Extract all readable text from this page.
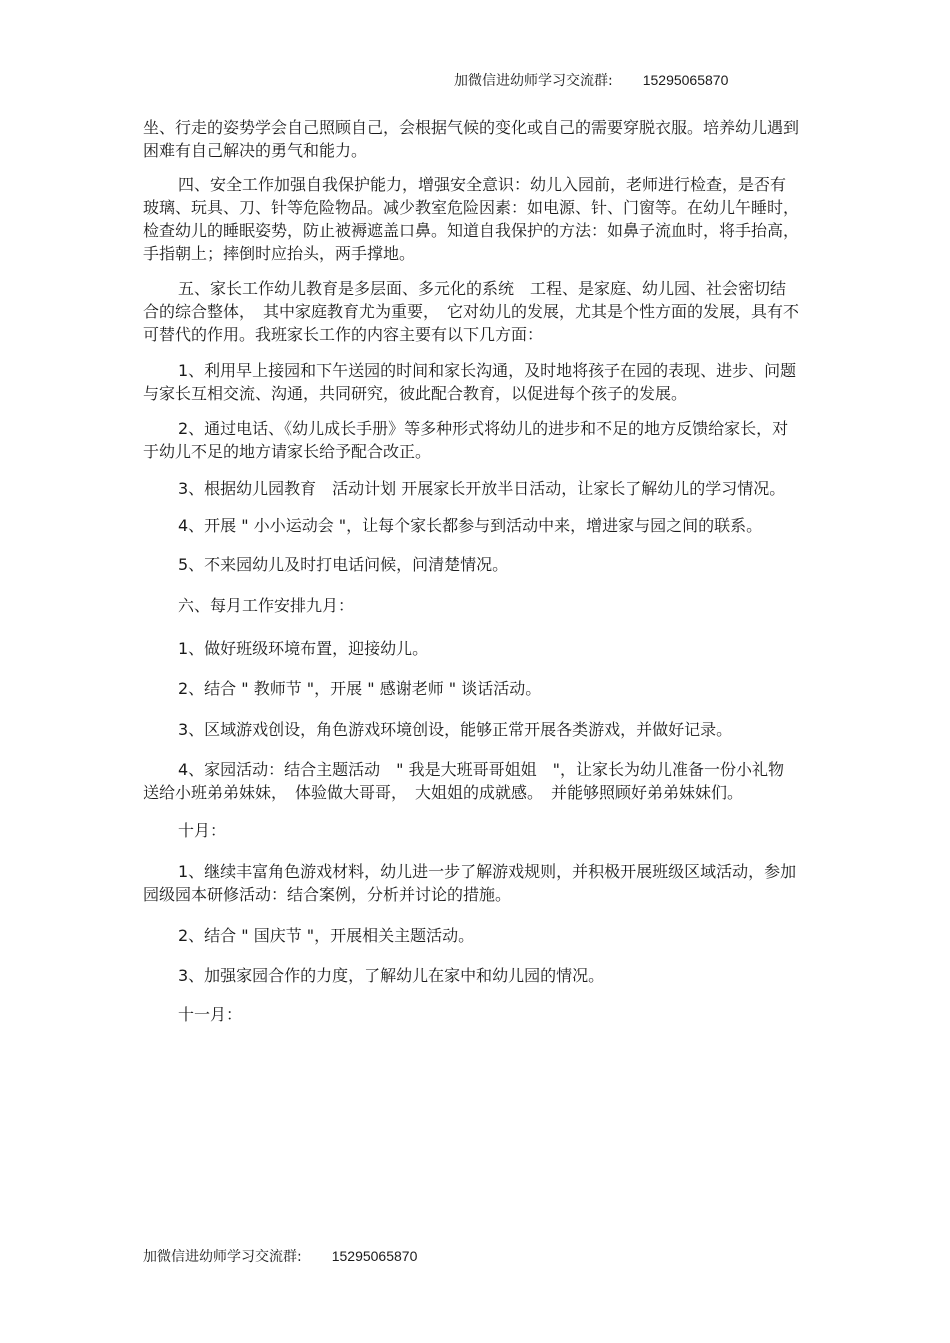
加微信进幼师学习交流群: 15295065870

坐、行走的姿势学会自己照顾自己，会根据气候的变化或自己的需要穿脱衣服。培养幼儿遇到困难有自己解决的勇气和能力。

四、安全工作加强自我保护能力，增强安全意识：幼儿入园前，老师进行检查，是否有玻璃、玩具、刀、针等危险物品。减少教室危险因素：如电源、针、门窗等。在幼儿午睡时，检查幼儿的睡眠姿势，防止被褥遮盖口鼻。知道自我保护的方法：如鼻子流血时，将手抬高，手指朝上；摔倒时应抬头，两手撑地。

五、家长工作幼儿教育是多层面、多元化的系统　工程、是家庭、幼儿园、社会密切结合的综合整体，　其中家庭教育尤为重要，　它对幼儿的发展，尤其是个性方面的发展，具有不可替代的作用。我班家长工作的内容主要有以下几方面：

1、利用早上接园和下午送园的时间和家长沟通，及时地将孩子在园的表现、进步、问题与家长互相交流、沟通，共同研究，彼此配合教育，以促进每个孩子的发展。

2、通过电话、《幼儿成长手册》等多种形式将幼儿的进步和不足的地方反馈给家长，对于幼儿不足的地方请家长给予配合改正。

3、根据幼儿园教育　活动计划 开展家长开放半日活动，让家长了解幼儿的学习情况。

4、开展 " 小小运动会 "，让每个家长都参与到活动中来，增进家与园之间的联系。

5、不来园幼儿及时打电话问候，问清楚情况。

六、每月工作安排九月：

1、做好班级环境布置，迎接幼儿。

2、结合 " 教师节 "，开展 " 感谢老师 " 谈话活动。

3、区域游戏创设，角色游戏环境创设，能够正常开展各类游戏，并做好记录。

4、家园活动：结合主题活动　" 我是大班哥哥姐姐　"，让家长为幼儿准备一份小礼物送给小班弟弟妹妹，　体验做大哥哥，　大姐姐的成就感。　并能够照顾好弟弟妹妹们。

十月：

1、继续丰富角色游戏材料，幼儿进一步了解游戏规则，并积极开展班级区域活动，参加园级园本研修活动：结合案例，分析并讨论的措施。

2、结合 " 国庆节 "，开展相关主题活动。

3、加强家园合作的力度，了解幼儿在家中和幼儿园的情况。

十一月：

加微信进幼师学习交流群: 15295065870
